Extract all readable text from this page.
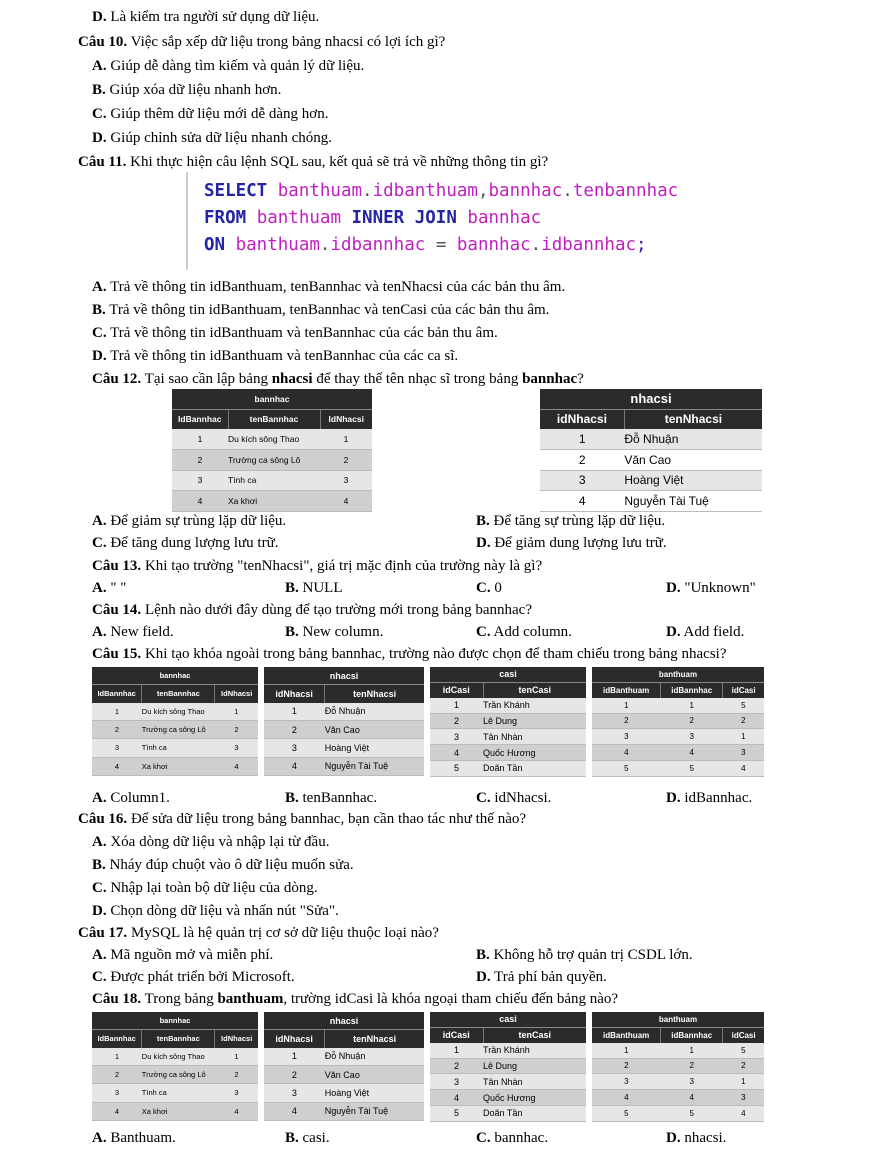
D. Là kiểm tra người sử dụng dữ liệu.
Câu 10. Việc sắp xếp dữ liệu trong bảng nhacsi có lợi ích gì?
A. Giúp dễ dàng tìm kiếm và quản lý dữ liệu.
B. Giúp xóa dữ liệu nhanh hơn.
C. Giúp thêm dữ liệu mới dễ dàng hơn.
D. Giúp chỉnh sửa dữ liệu nhanh chóng.
Câu 11. Khi thực hiện câu lệnh SQL sau, kết quả sẽ trả về những thông tin gì?
SELECT banthuam.idbanthuam,bannhac.tenbannhac
FROM banthuam INNER JOIN bannhac
ON banthuam.idbannhac = bannhac.idbannhac;
A. Trả về thông tin idBanthuam, tenBannhac và tenNhacsi của các bản thu âm.
B. Trả về thông tin idBanthuam, tenBannhac và tenCasi của các bản thu âm.
C. Trả về thông tin idBanthuam và tenBannhac của các bản thu âm.
D. Trả về thông tin idBanthuam và tenBannhac của các ca sĩ.
Câu 12. Tại sao cần lập bảng nhacsi để thay thế tên nhạc sĩ trong bảng bannhac?
bannhac		
IdBannhac	tenBannhac	IdNhacsi
1	Du kích sông Thao	1
2	Trường ca sông Lô	2
3	Tình ca	3
4	Xa khơi	4
nhacsi	
idNhacsi	tenNhacsi
1	Đỗ Nhuận
2	Văn Cao
3	Hoàng Việt
4	Nguyễn Tài Tuệ
A. Để giảm sự trùng lặp dữ liệu.	B. Để tăng sự trùng lặp dữ liệu.
C. Để tăng dung lượng lưu trữ.	D. Để giảm dung lượng lưu trữ.
Câu 13. Khi tạo trường "tenNhacsi", giá trị mặc định của trường này là gì?
A. " "	B. NULL	C. 0	D. "Unknown"
Câu 14. Lệnh nào dưới đây dùng để tạo trường mới trong bảng bannhac?
A. New field.	B. New column.	C. Add column.	D. Add field.
Câu 15. Khi tạo khóa ngoài trong bảng bannhac, trường nào được chọn để tham chiếu trong bảng nhacsi?
bannhac		
IdBannhac	tenBannhac	IdNhacsi
1	Du kích sông Thao	1
2	Trường ca sông Lô	2
3	Tình ca	3
4	Xa khơi	4
nhacsi	
idNhacsi	tenNhacsi
1	Đỗ Nhuận
2	Văn Cao
3	Hoàng Việt
4	Nguyễn Tài Tuệ
casi	
idCasi	tenCasi
1	Trần Khánh
2	Lê Dung
3	Tân Nhàn
4	Quốc Hương
5	Doãn Tần
banthuam		
idBanthuam	idBannhac	idCasi
1	1	5
2	2	2
3	3	1
4	4	3
5	5	4
A. Column1.	B. tenBannhac.	C. idNhacsi.	D. idBannhac.
Câu 16. Để sửa dữ liệu trong bảng bannhac, bạn cần thao tác như thế nào?
A. Xóa dòng dữ liệu và nhập lại từ đầu.
B. Nháy đúp chuột vào ô dữ liệu muốn sửa.
C. Nhập lại toàn bộ dữ liệu của dòng.
D. Chọn dòng dữ liệu và nhấn nút "Sửa".
Câu 17. MySQL là hệ quản trị cơ sở dữ liệu thuộc loại nào?
A. Mã nguồn mở và miễn phí.	B. Không hỗ trợ quản trị CSDL lớn.
C. Được phát triển bởi Microsoft.	D. Trả phí bản quyền.
Câu 18. Trong bảng banthuam, trường idCasi là khóa ngoại tham chiếu đến bảng nào?
bannhac		
IdBannhac	tenBannhac	IdNhacsi
1	Du kích sông Thao	1
2	Trường ca sông Lô	2
3	Tình ca	3
4	Xa khơi	4
nhacsi	
idNhacsi	tenNhacsi
1	Đỗ Nhuận
2	Văn Cao
3	Hoàng Việt
4	Nguyễn Tài Tuệ
casi	
idCasi	tenCasi
1	Trần Khánh
2	Lê Dung
3	Tân Nhàn
4	Quốc Hương
5	Doãn Tần
banthuam		
idBanthuam	idBannhac	idCasi
1	1	5
2	2	2
3	3	1
4	4	3
5	5	4
A. Banthuam.	B. casi.	C. bannhac.	D. nhacsi.
